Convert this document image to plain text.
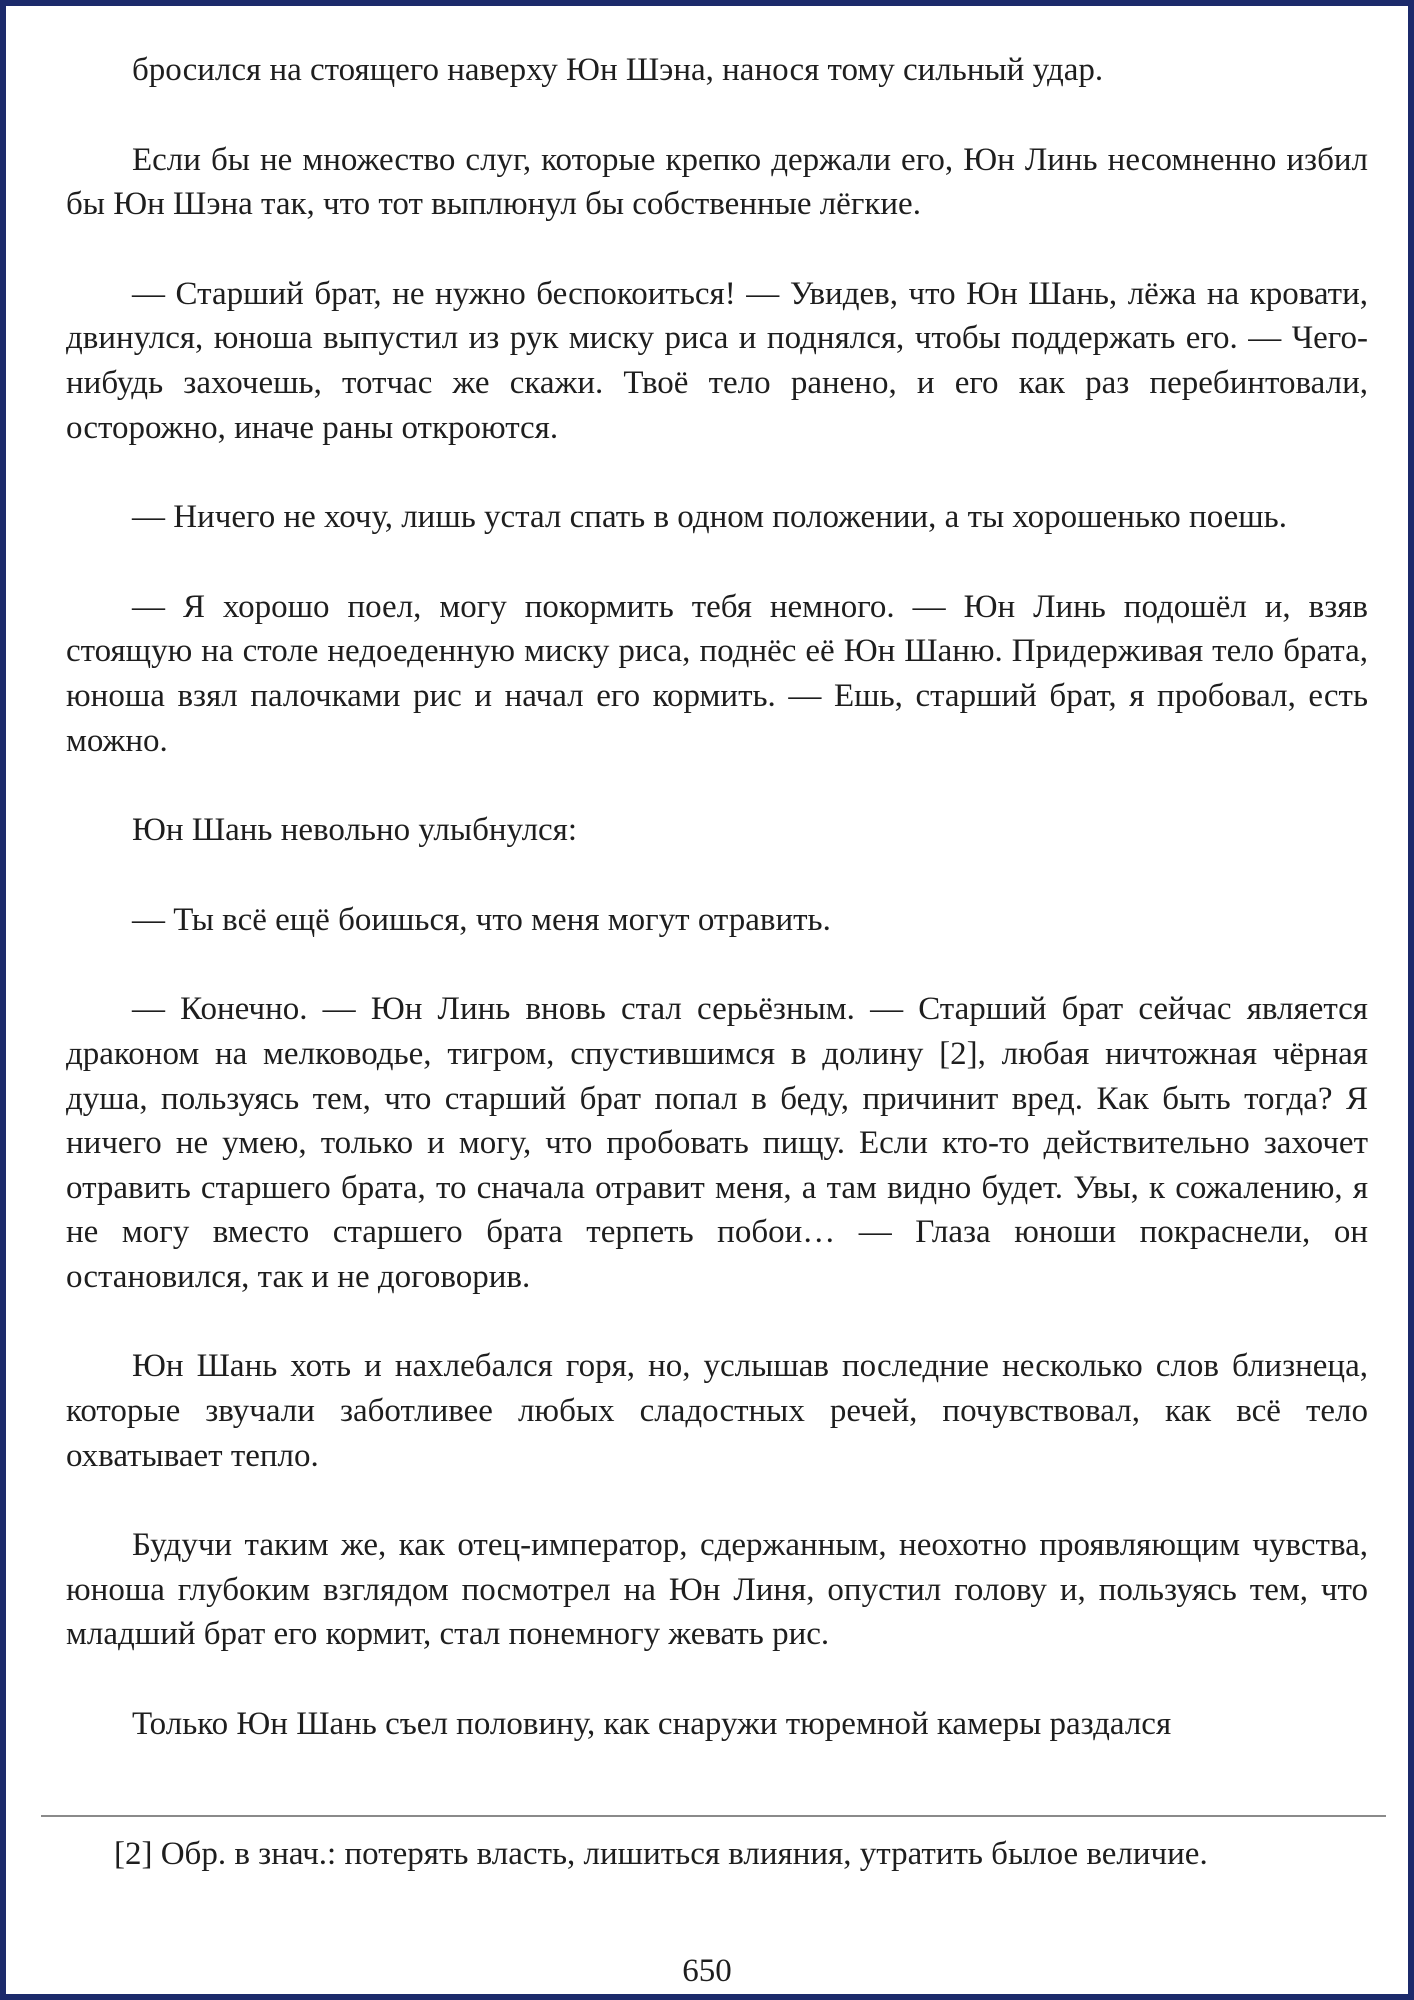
бросился на стоящего наверху Юн Шэна, нанося тому сильный удар.

Если бы не множество слуг, которые крепко держали его, Юн Линь несомненно избил бы Юн Шэна так, что тот выплюнул бы собственные лёгкие.

— Старший брат, не нужно беспокоиться! — Увидев, что Юн Шань, лёжа на кровати, двинулся, юноша выпустил из рук миску риса и поднялся, чтобы поддержать его. — Чего-нибудь захочешь, тотчас же скажи. Твоё тело ранено, и его как раз перебинтовали, осторожно, иначе раны откроются.

— Ничего не хочу, лишь устал спать в одном положении, а ты хорошенько поешь.

— Я хорошо поел, могу покормить тебя немного. — Юн Линь подошёл и, взяв стоящую на столе недоеденную миску риса, поднёс её Юн Шаню. Придерживая тело брата, юноша взял палочками рис и начал его кормить. — Ешь, старший брат, я пробовал, есть можно.

Юн Шань невольно улыбнулся:

— Ты всё ещё боишься, что меня могут отравить.

— Конечно. — Юн Линь вновь стал серьёзным. — Старший брат сейчас является драконом на мелководье, тигром, спустившимся в долину [2], любая ничтожная чёрная душа, пользуясь тем, что старший брат попал в беду, причинит вред. Как быть тогда? Я ничего не умею, только и могу, что пробовать пищу. Если кто-то действительно захочет отравить старшего брата, то сначала отравит меня, а там видно будет. Увы, к сожалению, я не могу вместо старшего брата терпеть побои… — Глаза юноши покраснели, он остановился, так и не договорив.

Юн Шань хоть и нахлебался горя, но, услышав последние несколько слов близнеца, которые звучали заботливее любых сладостных речей, почувствовал, как всё тело охватывает тепло.

Будучи таким же, как отец-император, сдержанным, неохотно проявляющим чувства, юноша глубоким взглядом посмотрел на Юн Линя, опустил голову и, пользуясь тем, что младший брат его кормит, стал понемногу жевать рис.

Только Юн Шань съел половину, как снаружи тюремной камеры раздался

[2] Обр. в знач.: потерять власть, лишиться влияния, утратить былое величие.

650
